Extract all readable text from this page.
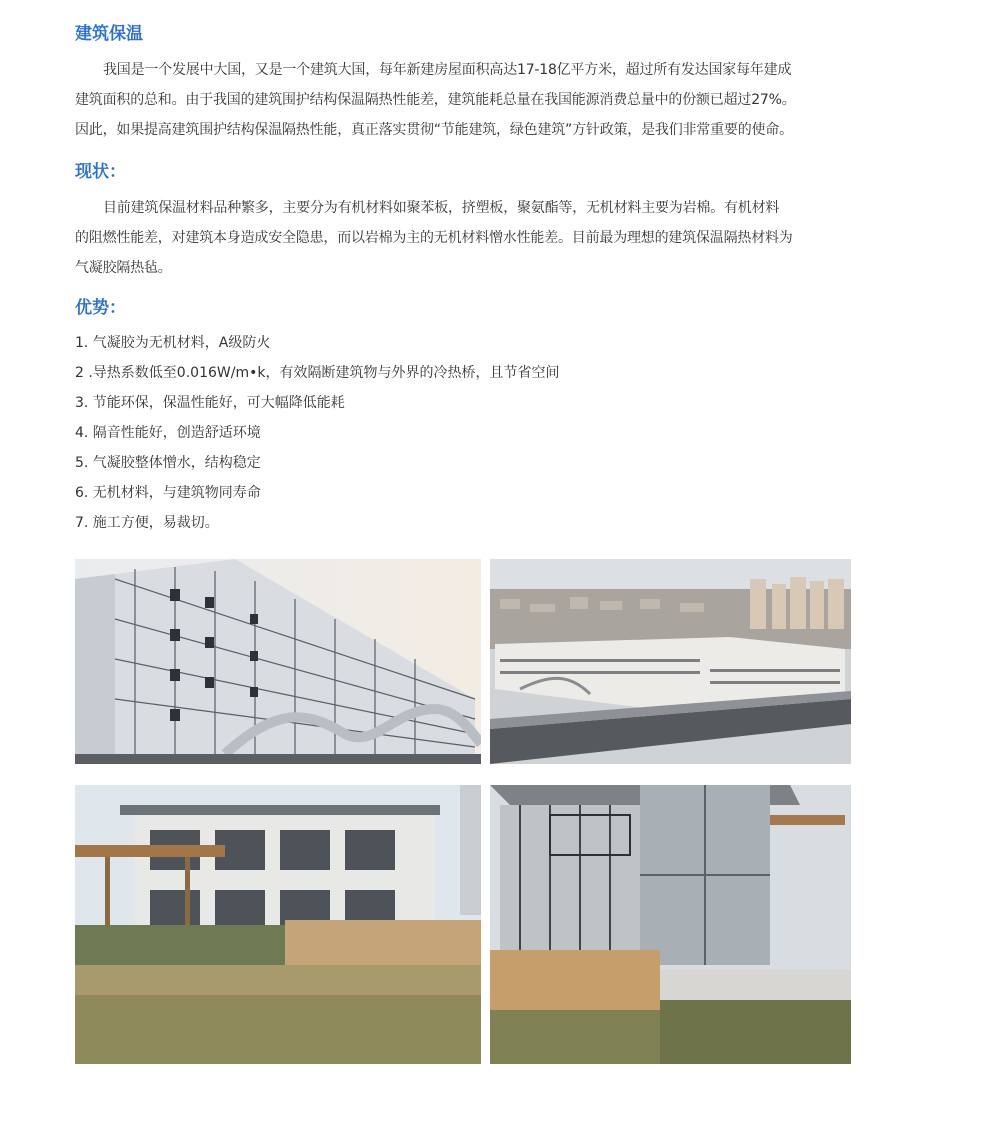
建筑保温
我国是一个发展中大国，又是一个建筑大国，每年新建房屋面积高达17-18亿平方米，超过所有发达国家每年建成
建筑面积的总和。由于我国的建筑围护结构保温隔热性能差，建筑能耗总量在我国能源消费总量中的份额已超过27%。
因此，如果提高建筑围护结构保温隔热性能，真正落实贯彻“节能建筑，绿色建筑”方针政策，是我们非常重要的使命。
现状：
目前建筑保温材料品种繁多，主要分为有机材料如聚苯板，挤塑板，聚氨酯等，无机材料主要为岩棉。有机材料
的阻燃性能差，对建筑本身造成安全隐患，而以岩棉为主的无机材料憎水性能差。目前最为理想的建筑保温隔热材料为
气凝胶隔热毡。
优势：
1. 气凝胶为无机材料，A级防火
2 .导热系数低至0.016W/m•k，有效隔断建筑物与外界的冷热桥，且节省空间
3. 节能环保，保温性能好，可大幅降低能耗
4. 隔音性能好，创造舒适环境
5. 气凝胶整体憎水，结构稳定
6. 无机材料，与建筑物同寿命
7. 施工方便，易裁切。
